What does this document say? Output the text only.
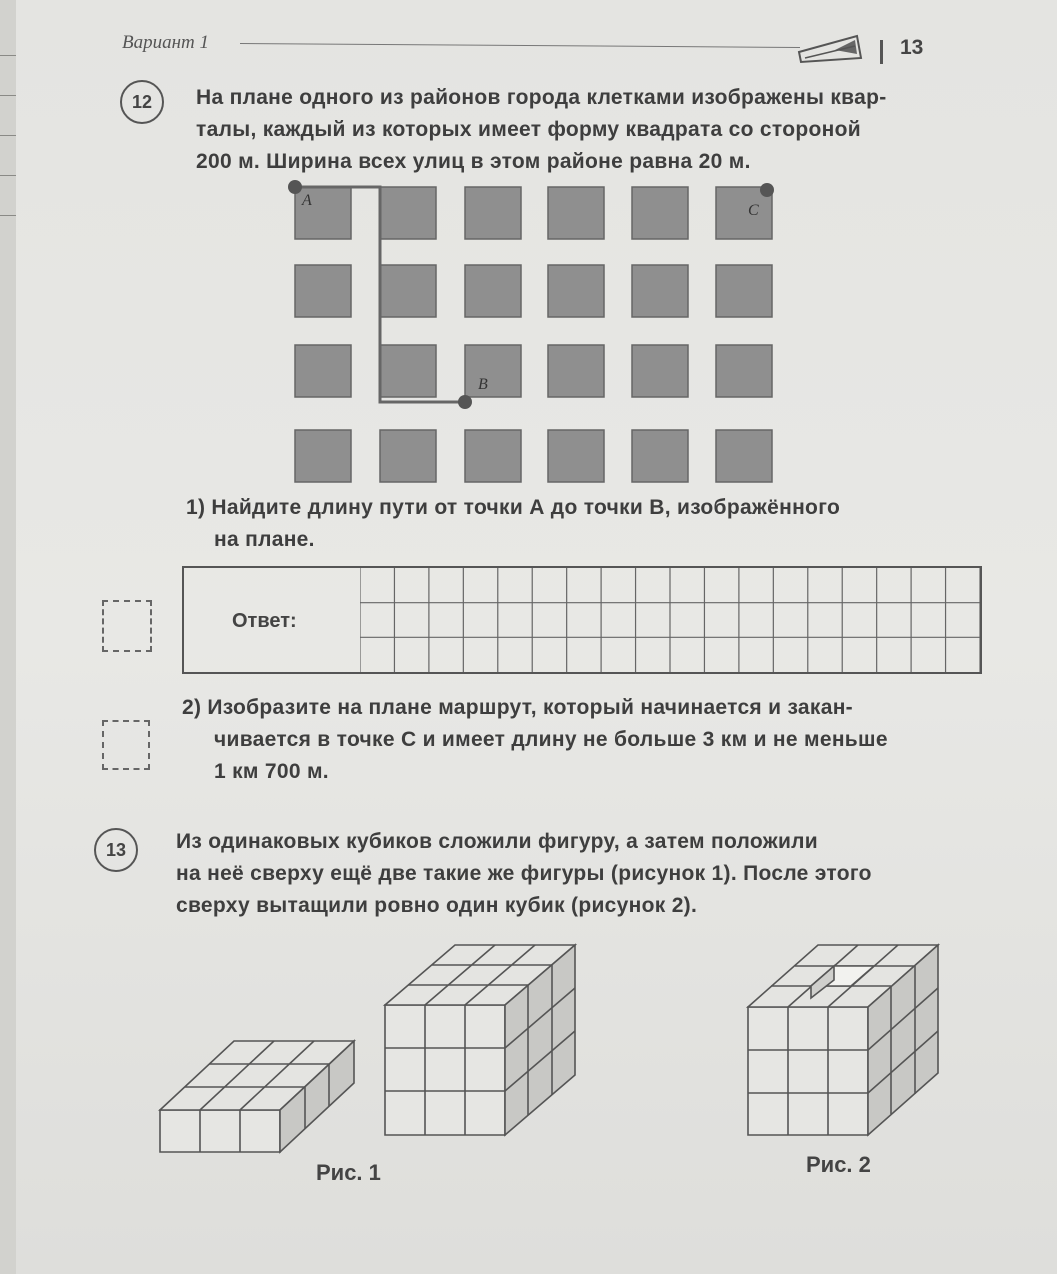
Вариант 1	13
12	На плане одного из районов города клетками изображены квар-
талы, каждый из которых имеет форму квадрата со стороной
200 м. Ширина всех улиц в этом районе равна 20 м.
A
B
C
1) Найдите длину пути от точки А до точки В, изображённого
на плане.
Ответ:
2) Изобразите на плане маршрут, который начинается и закан-
чивается в точке С и имеет длину не больше 3 км и не меньше
1 км 700 м.
13	Из одинаковых кубиков сложили фигуру, а затем положили
на неё сверху ещё две такие же фигуры (рисунок 1). После этого
сверху вытащили ровно один кубик (рисунок 2).
Рис. 1	Рис. 2
